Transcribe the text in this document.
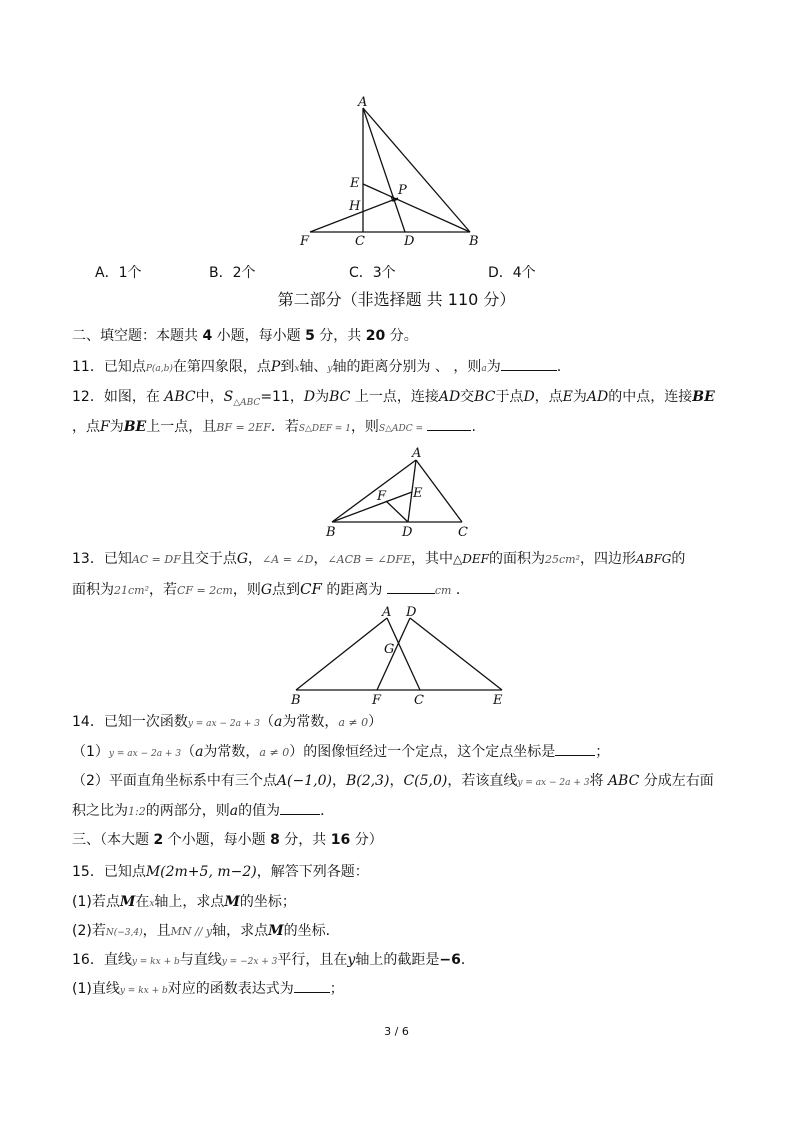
A
E	P
H
F	C	D	B
A．1个	B．2个	C．3个	D．4个
第二部分（非选择题 共 110 分）
二、填空题：本题共 4 小题，每小题 5 分，共 20 分。
11．已知点P(a,b)在第四象限，点P到x轴、y轴的距离分别为 、 ，则a为	.
12．如图，在 ABC中，$S_{\triangle ABC}=11$，D为BC 上一点，连接AD交BC于点D，点E为AD的中点，连接BE
，点F为BE上一点，且BF = 2EF．若S△DEF = 1，则S△ADC =	.
A
F E
B	D	C
13．已知AC = DF且交于点G，∠A = ∠D，∠ACB = ∠DFE，其中△DEF的面积为25cm²，四边形ABFG的
面积为21cm²，若CF = 2cm，则G点到CF 的距离为	cm ．
A D
G
B	F	C	E
14．已知一次函数y = ax − 2a + 3（a为常数，a ≠ 0）
（1）y = ax − 2a + 3（a为常数，a ≠ 0）的图像恒经过一个定点，这个定点坐标是	；
（2）平面直角坐标系中有三个点A(−1,0)，B(2,3)，C(5,0)，若该直线y = ax − 2a + 3将 ABC 分成左右面
积之比为1:2的两部分，则a的值为	．
三、（本大题 2 个小题，每小题 8 分，共 16 分）
15．已知点M(2m+5, m−2)，解答下列各题：
(1)若点M在x轴上，求点M的坐标；
(2)若N(−3,4)，且MN // y轴，求点M的坐标．
16．直线y = kx + b与直线y = −2x + 3平行，且在y轴上的截距是−6．
(1)直线y = kx + b对应的函数表达式为	；
3 / 6
